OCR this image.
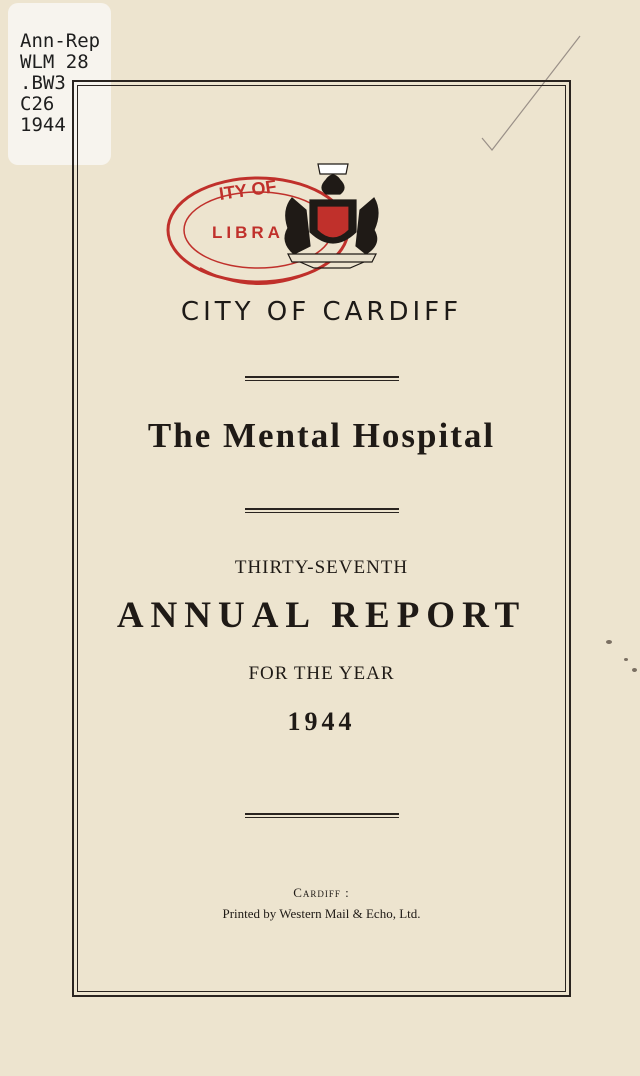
Ann-Rep
WLM 28
.BW3
C26
1944
ITY OF
LIBRA
CITY OF CARDIFF
The Mental Hospital
THIRTY-SEVENTH
ANNUAL REPORT
FOR THE YEAR
1944
Cardiff :
Printed by Western Mail & Echo, Ltd.
